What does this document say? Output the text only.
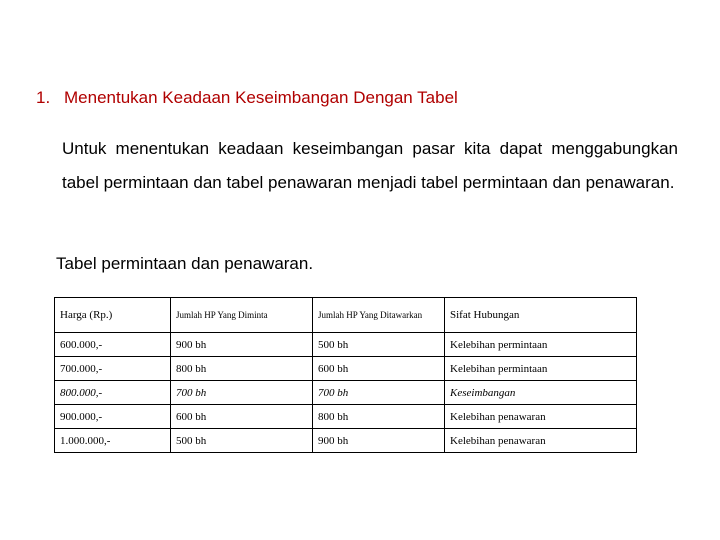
1. Menentukan Keadaan Keseimbangan Dengan Tabel
Untuk menentukan keadaan keseimbangan pasar kita dapat menggabungkan tabel permintaan dan tabel penawaran menjadi tabel permintaan dan penawaran.
Tabel permintaan dan penawaran.
Harga (Rp.)	Jumlah HP Yang Diminta	Jumlah HP Yang Ditawarkan	Sifat Hubungan
600.000,-	900 bh	500 bh	Kelebihan permintaan
700.000,-	800 bh	600 bh	Kelebihan permintaan
800.000,-	700 bh	700 bh	Keseimbangan
900.000,-	600 bh	800 bh	Kelebihan penawaran
1.000.000,-	500 bh	900 bh	Kelebihan penawaran
